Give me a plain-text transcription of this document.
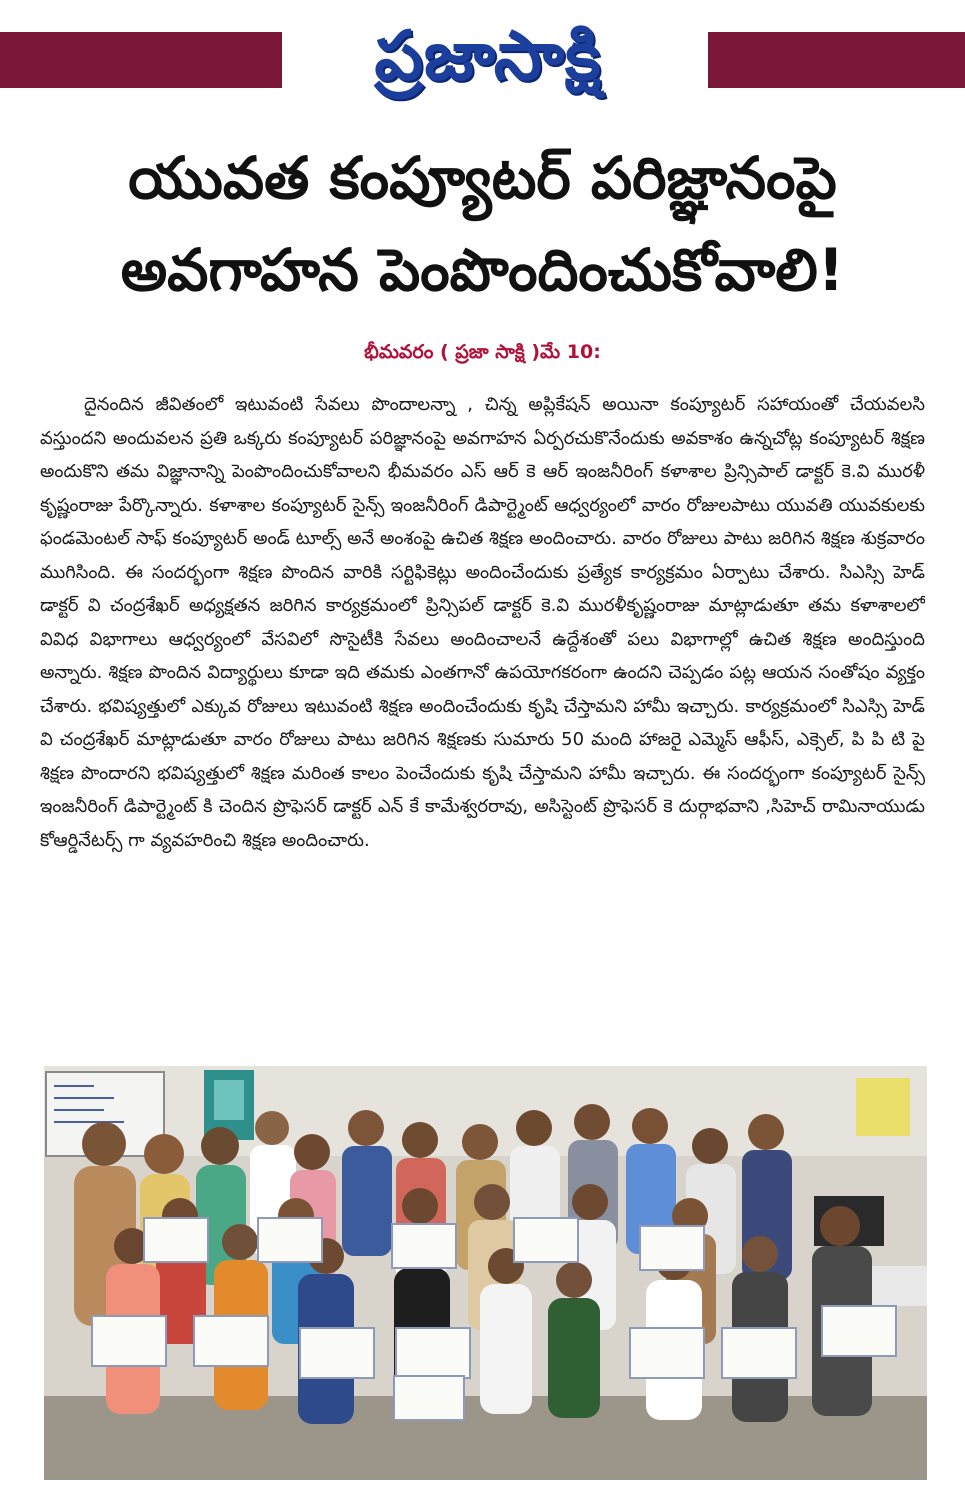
ప్రజాసాక్షి
యువత కంప్యూటర్ పరిజ్ఞానంపై
అవగాహన పెంపొందించుకోవాలి!
భీమవరం ( ప్రజా సాక్షి )మే 10:

దైనందిన జీవితంలో ఇటువంటి సేవలు పొందాలన్నా , చిన్న అప్లికేషన్ అయినా కంప్యూటర్ సహాయంతో చేయవలసి వస్తుందని అందువలన ప్రతి ఒక్కరు కంప్యూటర్ పరిజ్ఞానంపై అవగాహన ఏర్పరచుకొనేందుకు అవకాశం ఉన్నచోట్ల కంప్యూటర్ శిక్షణ అందుకొని తమ విజ్ఞానాన్ని పెంపొందించుకోవాలని భీమవరం ఎస్ ఆర్ కె ఆర్ ఇంజనీరింగ్ కళాశాల ప్రిన్సిపాల్ డాక్టర్ కె.వి మురళీ కృష్ణంరాజు పేర్కొన్నారు. కళాశాల కంప్యూటర్ సైన్స్ ఇంజనీరింగ్ డిపార్ట్మెంట్ ఆధ్వర్యంలో వారం రోజులపాటు యువతి యువకులకు ఫండమెంటల్ సాఫ్ కంప్యూటర్ అండ్ టూల్స్ అనే అంశంపై ఉచిత శిక్షణ అందించారు. వారం రోజులు పాటు జరిగిన శిక్షణ శుక్రవారం ముగిసింది. ఈ సందర్భంగా శిక్షణ పొందిన వారికి సర్టిఫికెట్లు అందించేందుకు ప్రత్యేక కార్యక్రమం ఏర్పాటు చేశారు. సిఎస్సి హెడ్ డాక్టర్ వి చంద్రశేఖర్ అధ్యక్షతన జరిగిన కార్యక్రమంలో ప్రిన్సిపల్ డాక్టర్ కె.వి మురళీకృష్ణంరాజు మాట్లాడుతూ తమ కళాశాలలో వివిధ విభాగాలు ఆధ్వర్యంలో వేసవిలో సొసైటీకి సేవలు అందించాలనే ఉద్దేశంతో పలు విభాగాల్లో ఉచిత శిక్షణ అందిస్తుంది అన్నారు. శిక్షణ పొందిన విద్యార్థులు కూడా ఇది తమకు ఎంతగానో ఉపయోగకరంగా ఉందని చెప్పడం పట్ల ఆయన సంతోషం వ్యక్తం చేశారు. భవిష్యత్తులో ఎక్కువ రోజులు ఇటువంటి శిక్షణ అందించేందుకు కృషి చేస్తామని హామీ ఇచ్చారు. కార్యక్రమంలో సిఎస్సి హెడ్ వి చంద్రశేఖర్ మాట్లాడుతూ వారం రోజులు పాటు జరిగిన శిక్షణకు సుమారు 50 మంది హాజరై ఎమ్మెస్ ఆఫీస్, ఎక్సెల్, పి పి టి పై శిక్షణ పొందారని భవిష్యత్తులో శిక్షణ మరింత కాలం పెంచేందుకు కృషి చేస్తామని హామీ ఇచ్చారు. ఈ సందర్భంగా కంప్యూటర్ సైన్స్ ఇంజనీరింగ్ డిపార్ట్మెంట్ కి చెందిన ప్రొఫెసర్ డాక్టర్ ఎన్ కే కామేశ్వరరావు, అసిస్టెంట్ ప్రొఫెసర్ కె దుర్గాభవాని ,సిహెచ్ రామినాయుడు కోఆర్డినేటర్స్ గా వ్యవహరించి శిక్షణ అందించారు.
